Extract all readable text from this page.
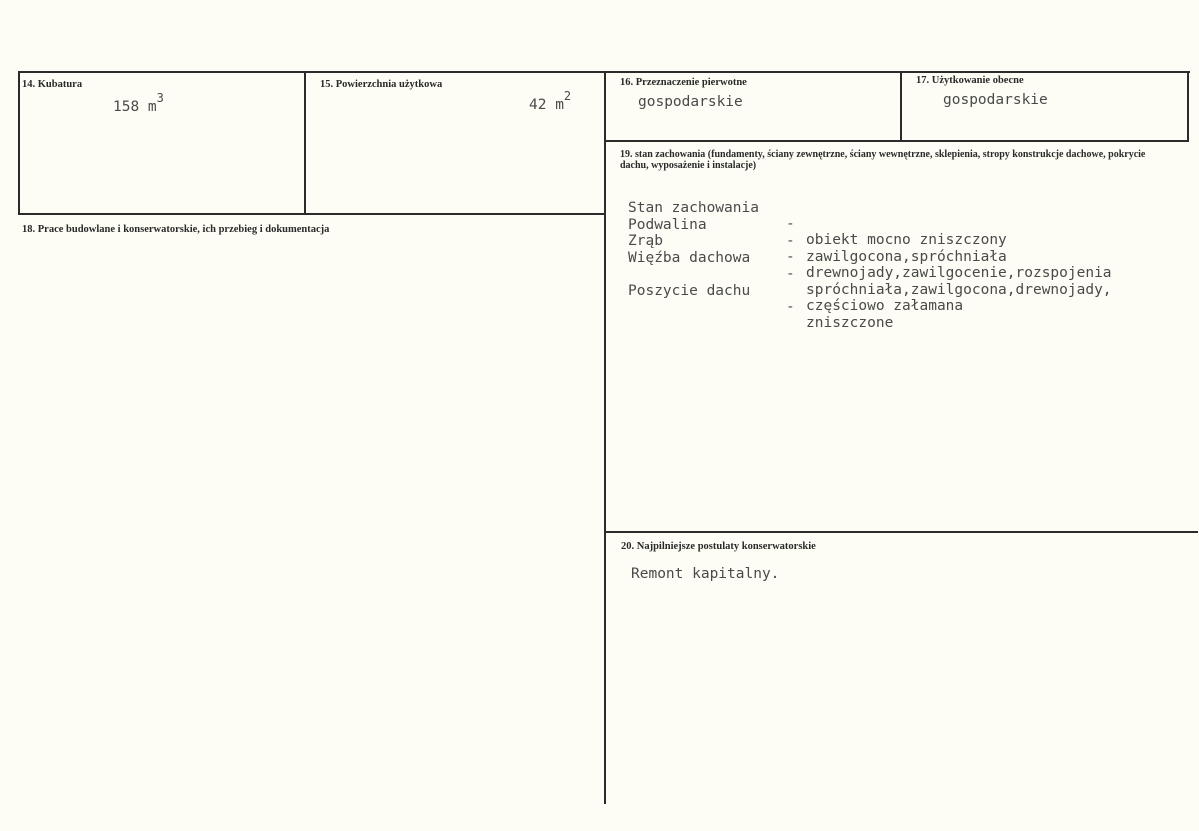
14. Kubatura
158 $m^3$
15. Powierzchnia użytkowa
42 $m^2$
16. Przeznaczenie pierwotne
gospodarskie
17. Użytkowanie obecne
gospodarskie
18. Prace budowlane i konserwatorskie, ich przebieg i dokumentacja
19. stan zachowania (fundamenty, ściany zewnętrzne, ściany wewnętrzne, sklepienia, stropy konstrukcje dachowe, pokrycie dachu, wyposażenie i instalacje)

Stan zachowania

-

obiekt mocno zniszczony

Podwalina

-

zawilgocona,spróchniała

Zrąb

-

drewnojady,zawilgocenie,rozspojenia

Więźba dachowa

-

spróchniała,zawilgocona,drewnojady,

częściowo załamana

Poszycie dachu

-

zniszczone

20. Najpilniejsze postulaty konserwatorskie
Remont kapitalny.
